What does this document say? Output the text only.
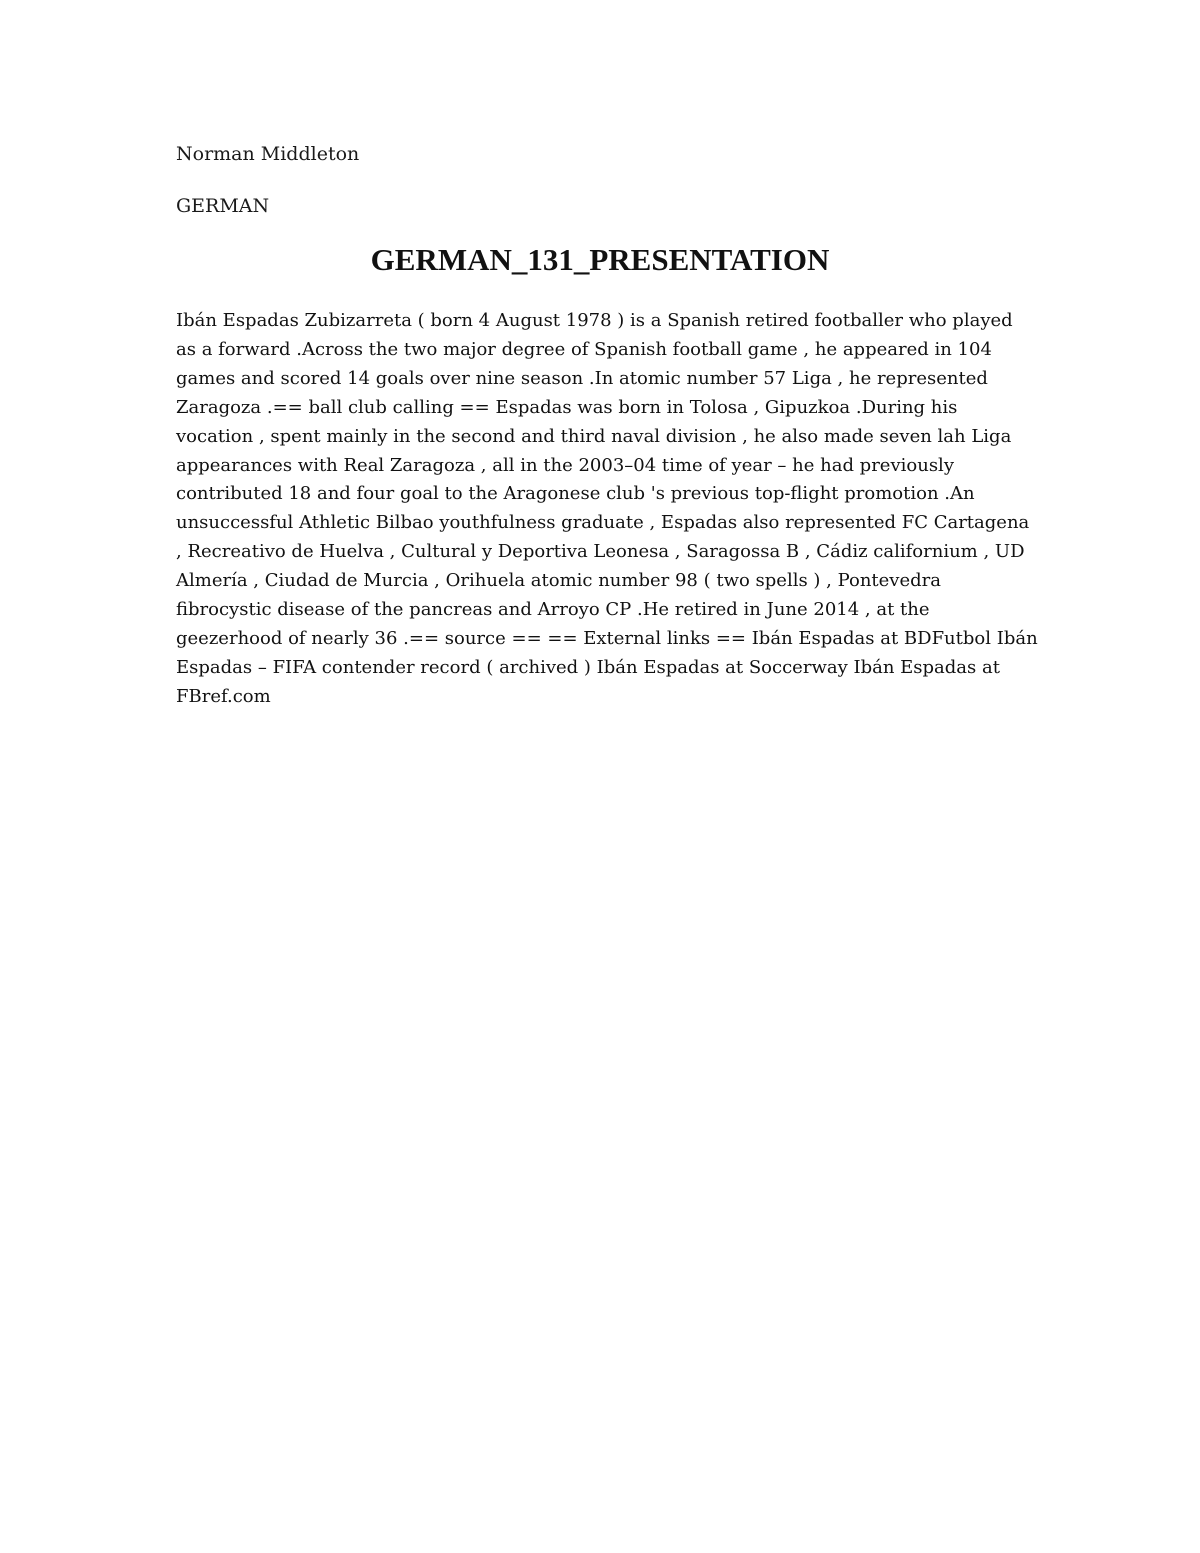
Norman Middleton
GERMAN
GERMAN_131_PRESENTATION
Ibán Espadas Zubizarreta ( born 4 August 1978 ) is a Spanish retired footballer who played
as a forward .Across the two major degree of Spanish football game , he appeared in 104
games and scored 14 goals over nine season .In atomic number 57 Liga , he represented
Zaragoza .== ball club calling == Espadas was born in Tolosa , Gipuzkoa .During his
vocation , spent mainly in the second and third naval division , he also made seven lah Liga
appearances with Real Zaragoza , all in the 2003–04 time of year – he had previously
contributed 18 and four goal to the Aragonese club 's previous top-flight promotion .An
unsuccessful Athletic Bilbao youthfulness graduate , Espadas also represented FC Cartagena
, Recreativo de Huelva , Cultural y Deportiva Leonesa , Saragossa B , Cádiz californium , UD
Almería , Ciudad de Murcia , Orihuela atomic number 98 ( two spells ) , Pontevedra
fibrocystic disease of the pancreas and Arroyo CP .He retired in June 2014 , at the
geezerhood of nearly 36 .== source == == External links == Ibán Espadas at BDFutbol Ibán
Espadas – FIFA contender record ( archived ) Ibán Espadas at Soccerway Ibán Espadas at
FBref.com
